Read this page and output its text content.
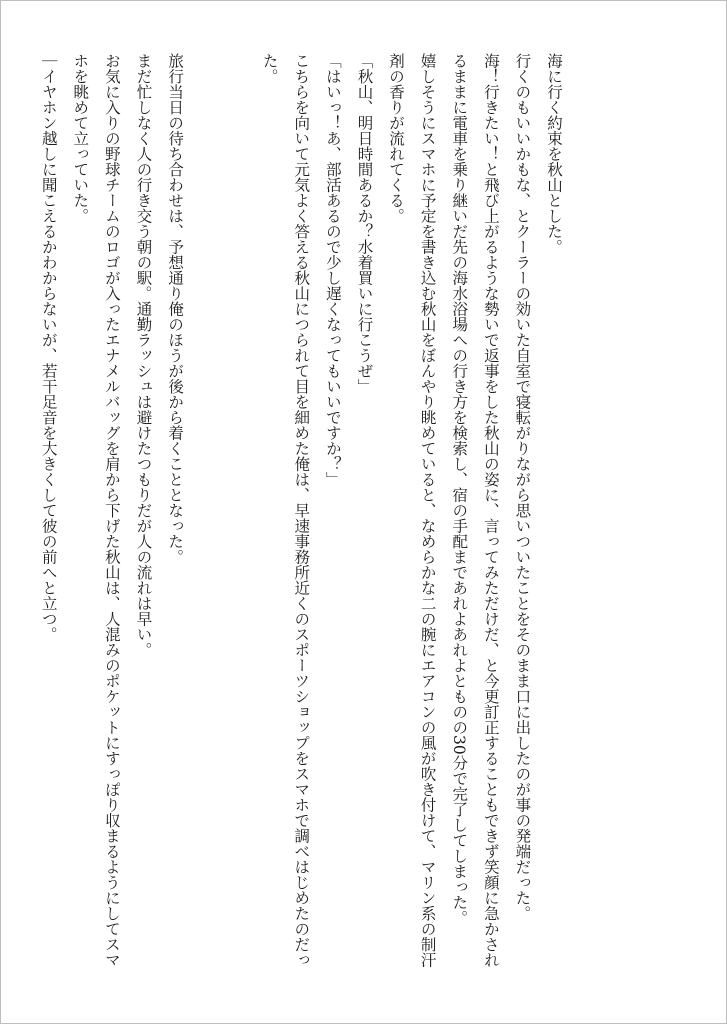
海に行く約束を秋山とした。
行くのもいいかもな、とクーラーの効いた自室で寝転がりながら思いついたことをそのまま口に出したのが事の発端だった。
海！行きたい！と飛び上がるような勢いで返事をした秋山の姿に、言ってみただけだ、と今更訂正することもできず笑顔に急かされ
るままに電車を乗り継いだ先の海水浴場への行き方を検索し、宿の手配まであれよあれよとものの30分で完了してしまった。
嬉しそうにスマホに予定を書き込む秋山をぼんやり眺めていると、なめらかな二の腕にエアコンの風が吹き付けて、マリン系の制汗
剤の香りが流れてくる。
「秋山、明日時間あるか？水着買いに行こうぜ」
「はいっ！あ、部活あるので少し遅くなってもいいですか？」
こちらを向いて元気よく答える秋山につられて目を細めた俺は、早速事務所近くのスポーツショップをスマホで調べはじめたのだっ
た。
旅行当日の待ち合わせは、予想通り俺のほうが後から着くこととなった。
まだ忙しなく人の行き交う朝の駅。通勤ラッシュは避けたつもりだが人の流れは早い。
お気に入りの野球チームのロゴが入ったエナメルバッグを肩から下げた秋山は、人混みのポケットにすっぽり収まるようにしてスマ
ホを眺めて立っていた。
｜イヤホン越しに聞こえるかわからないが、若干足音を大きくして彼の前へと立つ。
